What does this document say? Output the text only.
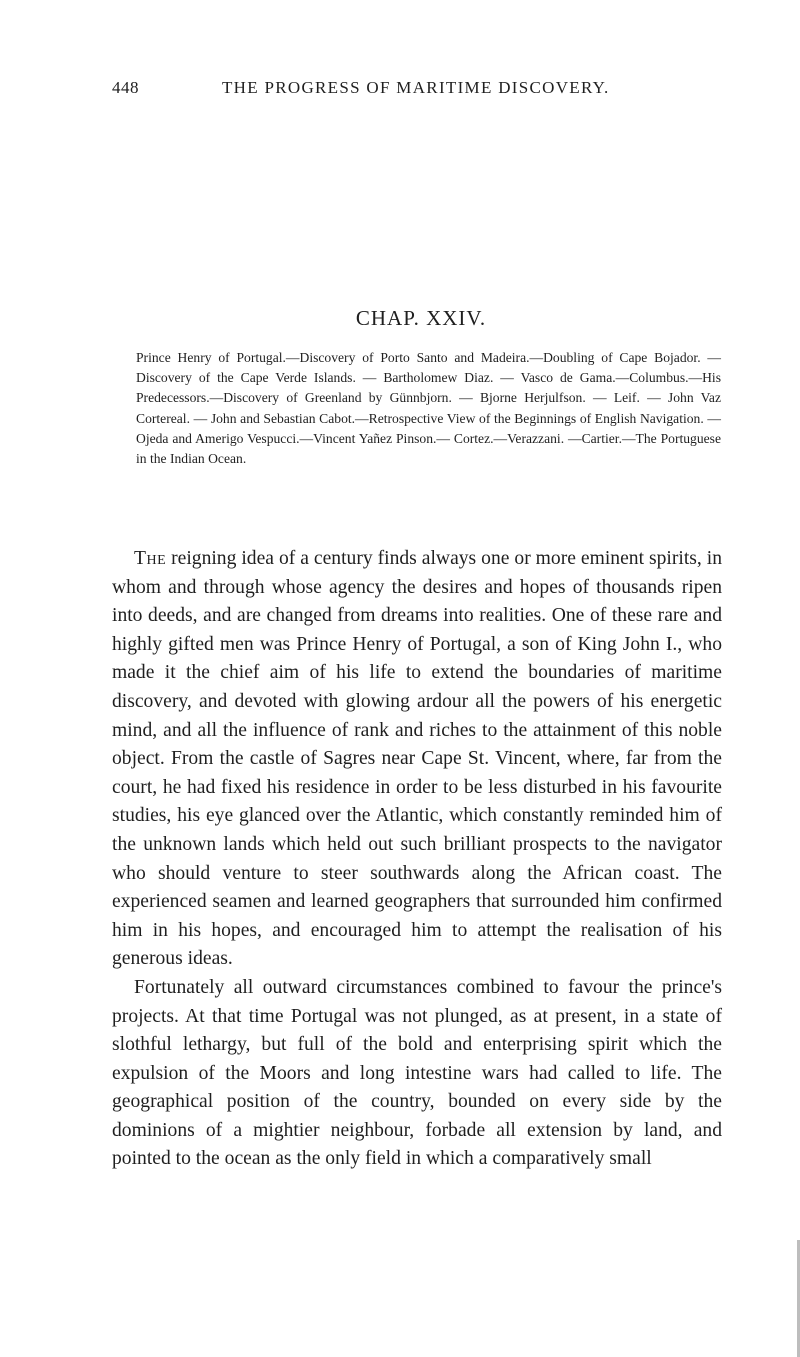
448	THE PROGRESS OF MARITIME DISCOVERY.
CHAP. XXIV.

Prince Henry of Portugal.—Discovery of Porto Santo and Madeira.—Doubling of Cape Bojador. — Discovery of the Cape Verde Islands. — Bartholomew Diaz. — Vasco de Gama.—Columbus.—His Predecessors.—Discovery of Greenland by Günnbjorn. — Bjorne Herjulfson. — Leif. — John Vaz Cortereal. — John and Sebastian Cabot.—Retrospective View of the Beginnings of English Navigation. — Ojeda and Amerigo Vespucci.—Vincent Yañez Pinson.— Cortez.—Verazzani. —Cartier.—The Portuguese in the Indian Ocean.

The reigning idea of a century finds always one or more eminent spirits, in whom and through whose agency the desires and hopes of thousands ripen into deeds, and are changed from dreams into realities. One of these rare and highly gifted men was Prince Henry of Portugal, a son of King John I., who made it the chief aim of his life to extend the boundaries of maritime discovery, and devoted with glowing ardour all the powers of his energetic mind, and all the influence of rank and riches to the attainment of this noble object. From the castle of Sagres near Cape St. Vincent, where, far from the court, he had fixed his residence in order to be less disturbed in his favourite studies, his eye glanced over the Atlantic, which constantly reminded him of the unknown lands which held out such brilliant prospects to the navigator who should venture to steer southwards along the African coast. The experienced seamen and learned geographers that surrounded him confirmed him in his hopes, and encouraged him to attempt the realisation of his generous ideas.

Fortunately all outward circumstances combined to favour the prince's projects. At that time Portugal was not plunged, as at present, in a state of slothful lethargy, but full of the bold and enterprising spirit which the expulsion of the Moors and long intestine wars had called to life. The geographical position of the country, bounded on every side by the dominions of a mightier neighbour, forbade all extension by land, and pointed to the ocean as the only field in which a comparatively small
